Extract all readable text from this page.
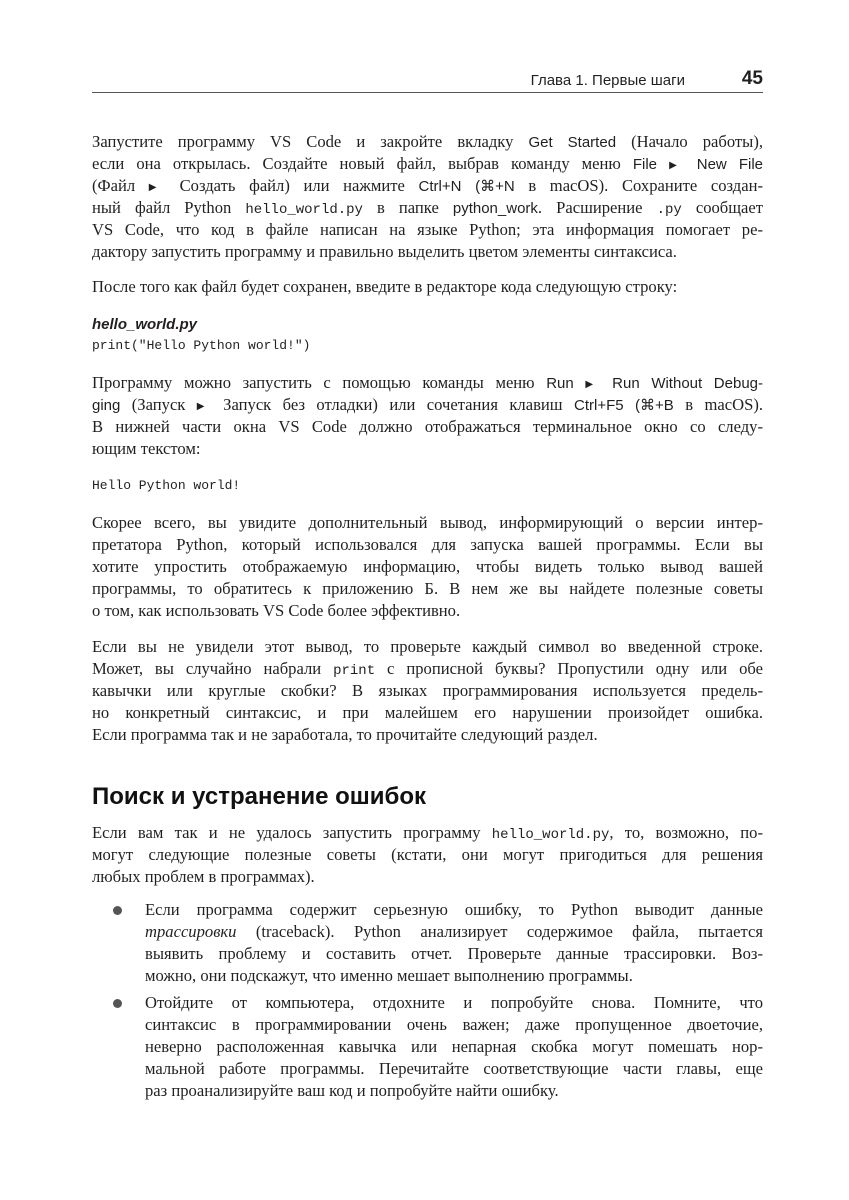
Глава 1. Первые шаги	45
Запустите программу VS Code и закройте вкладку Get Started (Начало работы),
если она открылась. Создайте новый файл, выбрав команду меню File ▶ New File
(Файл ▶ Создать файл) или нажмите Ctrl+N (⌘+N в macOS). Сохраните создан-
ный файл Python hello_world.py в папке python_work. Расширение .py сообщает
VS Code, что код в файле написан на языке Python; эта информация помогает ре-
дактору запустить программу и правильно выделить цветом элементы синтаксиса.
После того как файл будет сохранен, введите в редакторе кода следующую строку:
hello_world.py
print("Hello Python world!")
Программу можно запустить с помощью команды меню Run ▶ Run Without Debug-
ging (Запуск ▶ Запуск без отладки) или сочетания клавиш Ctrl+F5 (⌘+B в macOS).
В нижней части окна VS Code должно отображаться терминальное окно со следу-
ющим текстом:
Hello Python world!
Скорее всего, вы увидите дополнительный вывод, информирующий о версии интер-
претатора Python, который использовался для запуска вашей программы. Если вы
хотите упростить отображаемую информацию, чтобы видеть только вывод вашей
программы, то обратитесь к приложению Б. В нем же вы найдете полезные советы
о том, как использовать VS Code более эффективно.
Если вы не увидели этот вывод, то проверьте каждый символ во введенной строке.
Может, вы случайно набрали print с прописной буквы? Пропустили одну или обе
кавычки или круглые скобки? В языках программирования используется предель-
но конкретный синтаксис, и при малейшем его нарушении произойдет ошибка.
Если программа так и не заработала, то прочитайте следующий раздел.
Поиск и устранение ошибок
Если вам так и не удалось запустить программу hello_world.py, то, возможно, по-
могут следующие полезные советы (кстати, они могут пригодиться для решения
любых проблем в программах).
Если программа содержит серьезную ошибку, то Python выводит данные
трассировки (traceback). Python анализирует содержимое файла, пытается
выявить проблему и составить отчет. Проверьте данные трассировки. Воз-
можно, они подскажут, что именно мешает выполнению программы.
Отойдите от компьютера, отдохните и попробуйте снова. Помните, что
синтаксис в программировании очень важен; даже пропущенное двоеточие,
неверно расположенная кавычка или непарная скобка могут помешать нор-
мальной работе программы. Перечитайте соответствующие части главы, еще
раз проанализируйте ваш код и попробуйте найти ошибку.
